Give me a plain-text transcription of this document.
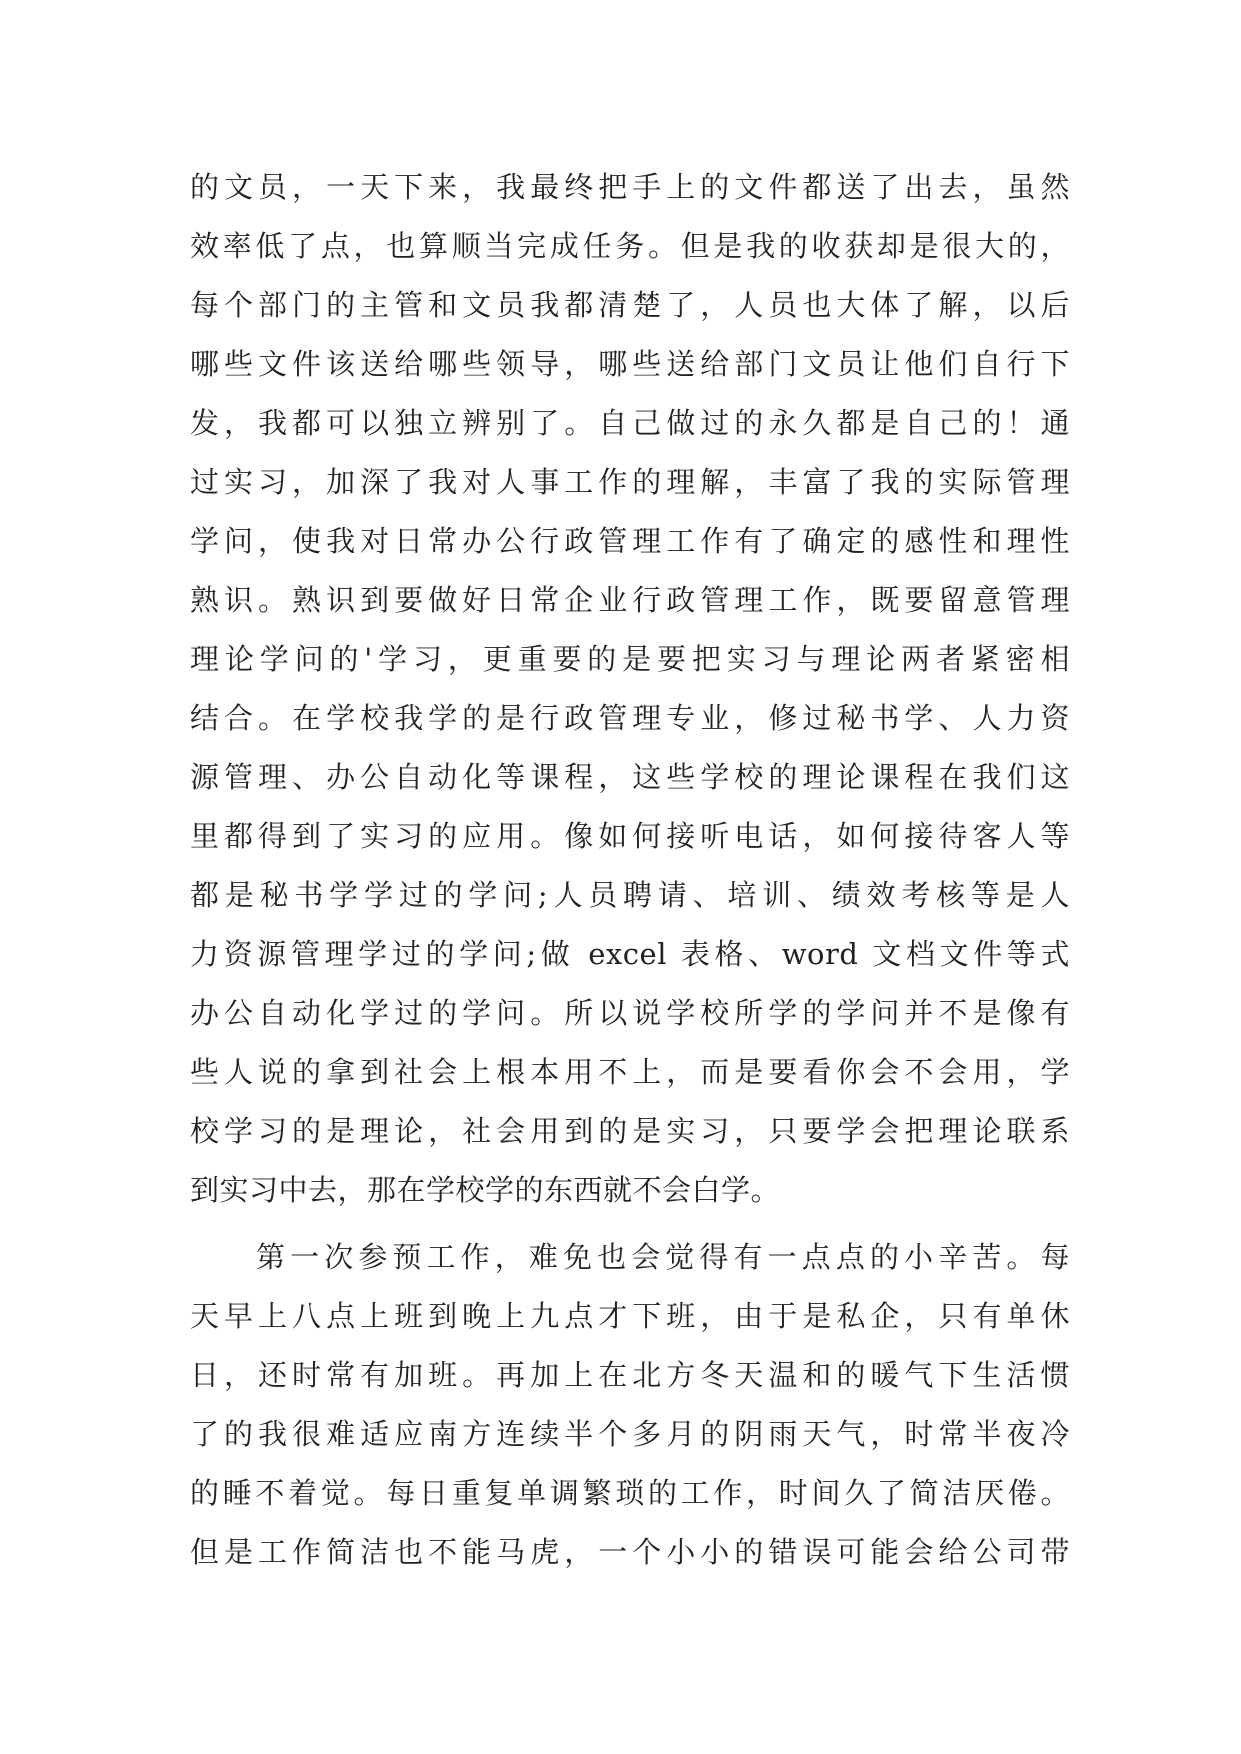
的文员，一天下来，我最终把手上的文件都送了出去，虽然
效率低了点，也算顺当完成任务。但是我的收获却是很大的，
每个部门的主管和文员我都清楚了，人员也大体了解，以后
哪些文件该送给哪些领导，哪些送给部门文员让他们自行下
发，我都可以独立辨别了。自己做过的永久都是自己的！通
过实习，加深了我对人事工作的理解，丰富了我的实际管理
学问，使我对日常办公行政管理工作有了确定的感性和理性
熟识。熟识到要做好日常企业行政管理工作，既要留意管理
理论学问的'学习，更重要的是要把实习与理论两者紧密相
结合。在学校我学的是行政管理专业，修过秘书学、人力资
源管理、办公自动化等课程，这些学校的理论课程在我们这
里都得到了实习的应用。像如何接听电话，如何接待客人等
都是秘书学学过的学问;人员聘请、培训、绩效考核等是人
力资源管理学过的学问;做 excel 表格、word 文档文件等式
办公自动化学过的学问。所以说学校所学的学问并不是像有
些人说的拿到社会上根本用不上，而是要看你会不会用，学
校学习的是理论，社会用到的是实习，只要学会把理论联系
到实习中去，那在学校学的东西就不会白学。
第一次参预工作，难免也会觉得有一点点的小辛苦。每
天早上八点上班到晚上九点才下班，由于是私企，只有单休
日，还时常有加班。再加上在北方冬天温和的暖气下生活惯
了的我很难适应南方连续半个多月的阴雨天气，时常半夜冷
的睡不着觉。每日重复单调繁琐的工作，时间久了简洁厌倦。
但是工作简洁也不能马虎，一个小小的错误可能会给公司带
